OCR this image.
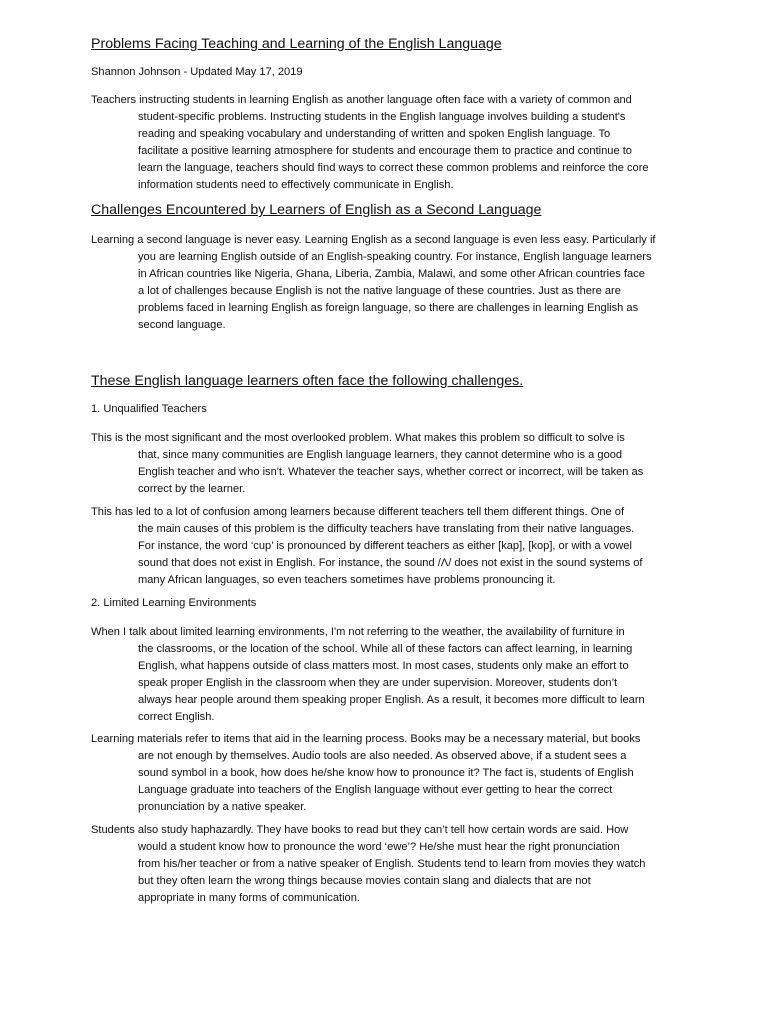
Problems Facing Teaching and Learning of the English Language
Shannon Johnson - Updated May 17, 2019
Teachers instructing students in learning English as another language often face with a variety of common and
student-specific problems. Instructing students in the English language involves building a student's
reading and speaking vocabulary and understanding of written and spoken English language. To
facilitate a positive learning atmosphere for students and encourage them to practice and continue to
learn the language, teachers should find ways to correct these common problems and reinforce the core
information students need to effectively communicate in English.
Challenges Encountered by Learners of English as a Second Language
Learning a second language is never easy. Learning English as a second language is even less easy. Particularly if
you are learning English outside of an English-speaking country. For instance, English language learners
in African countries like Nigeria, Ghana, Liberia, Zambia, Malawi, and some other African countries face
a lot of challenges because English is not the native language of these countries. Just as there are
problems faced in learning English as foreign language, so there are challenges in learning English as
second language.
These English language learners often face the following challenges.
1. Unqualified Teachers
This is the most significant and the most overlooked problem. What makes this problem so difficult to solve is
that, since many communities are English language learners, they cannot determine who is a good
English teacher and who isn't. Whatever the teacher says, whether correct or incorrect, will be taken as
correct by the learner.
This has led to a lot of confusion among learners because different teachers tell them different things. One of
the main causes of this problem is the difficulty teachers have translating from their native languages.
For instance, the word ‘cup’ is pronounced by different teachers as either [kap], [kop], or with a vowel
sound that does not exist in English. For instance, the sound /Λ/ does not exist in the sound systems of
many African languages, so even teachers sometimes have problems pronouncing it.
2. Limited Learning Environments
When I talk about limited learning environments, I'm not referring to the weather, the availability of furniture in
the classrooms, or the location of the school. While all of these factors can affect learning, in learning
English, what happens outside of class matters most. In most cases, students only make an effort to
speak proper English in the classroom when they are under supervision. Moreover, students don’t
always hear people around them speaking proper English. As a result, it becomes more difficult to learn
correct English.
Learning materials refer to items that aid in the learning process. Books may be a necessary material, but books
are not enough by themselves. Audio tools are also needed. As observed above, if a student sees a
sound symbol in a book, how does he/she know how to pronounce it? The fact is, students of English
Language graduate into teachers of the English language without ever getting to hear the correct
pronunciation by a native speaker.
Students also study haphazardly. They have books to read but they can’t tell how certain words are said. How
would a student know how to pronounce the word ‘ewe’? He/she must hear the right pronunciation
from his/her teacher or from a native speaker of English. Students tend to learn from movies they watch
but they often learn the wrong things because movies contain slang and dialects that are not
appropriate in many forms of communication.
